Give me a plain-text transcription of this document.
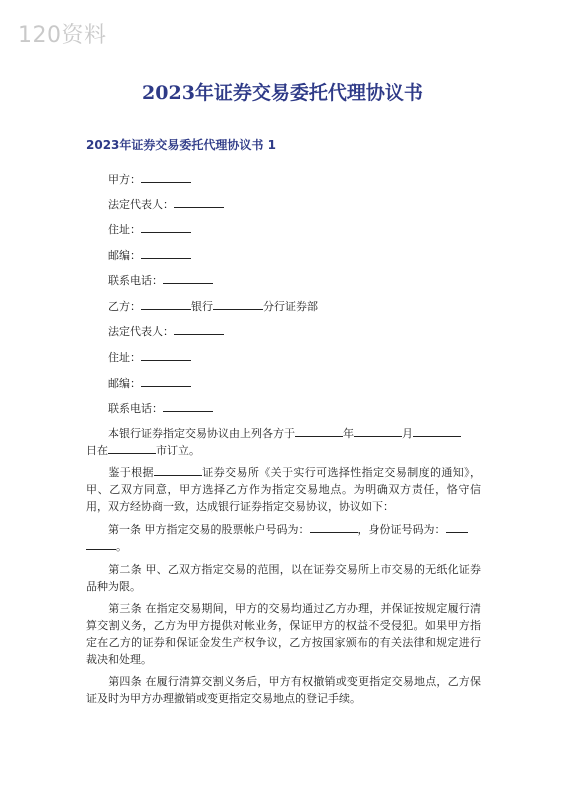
120资料
2023年证券交易委托代理协议书
2023年证券交易委托代理协议书 1
甲方：
法定代表人：
住址：
邮编：
联系电话：
乙方：	银行	分行证券部
法定代表人：
住址：
邮编：
联系电话：
本银行证券指定交易协议由上列各方于	年	月
日在	市订立。
鉴于根据	证券交易所《关于实行可选择性指定交易制度的通知》，甲、乙双方同意，甲方选择乙方作为指定交易地点。为明确双方责任，恪守信用，双方经协商一致，达成银行证券指定交易协议，协议如下：
第一条 甲方指定交易的股票帐户号码为：	，身份证号码为：
。
第二条 甲、乙双方指定交易的范围，以在证券交易所上市交易的无纸化证券品种为限。
第三条 在指定交易期间，甲方的交易均通过乙方办理，并保证按规定履行清算交割义务，乙方为甲方提供对帐业务，保证甲方的权益不受侵犯。如果甲方指定在乙方的证券和保证金发生产权争议，乙方按国家颁布的有关法律和规定进行裁决和处理。
第四条 在履行清算交割义务后，甲方有权撤销或变更指定交易地点，乙方保证及时为甲方办理撤销或变更指定交易地点的登记手续。
